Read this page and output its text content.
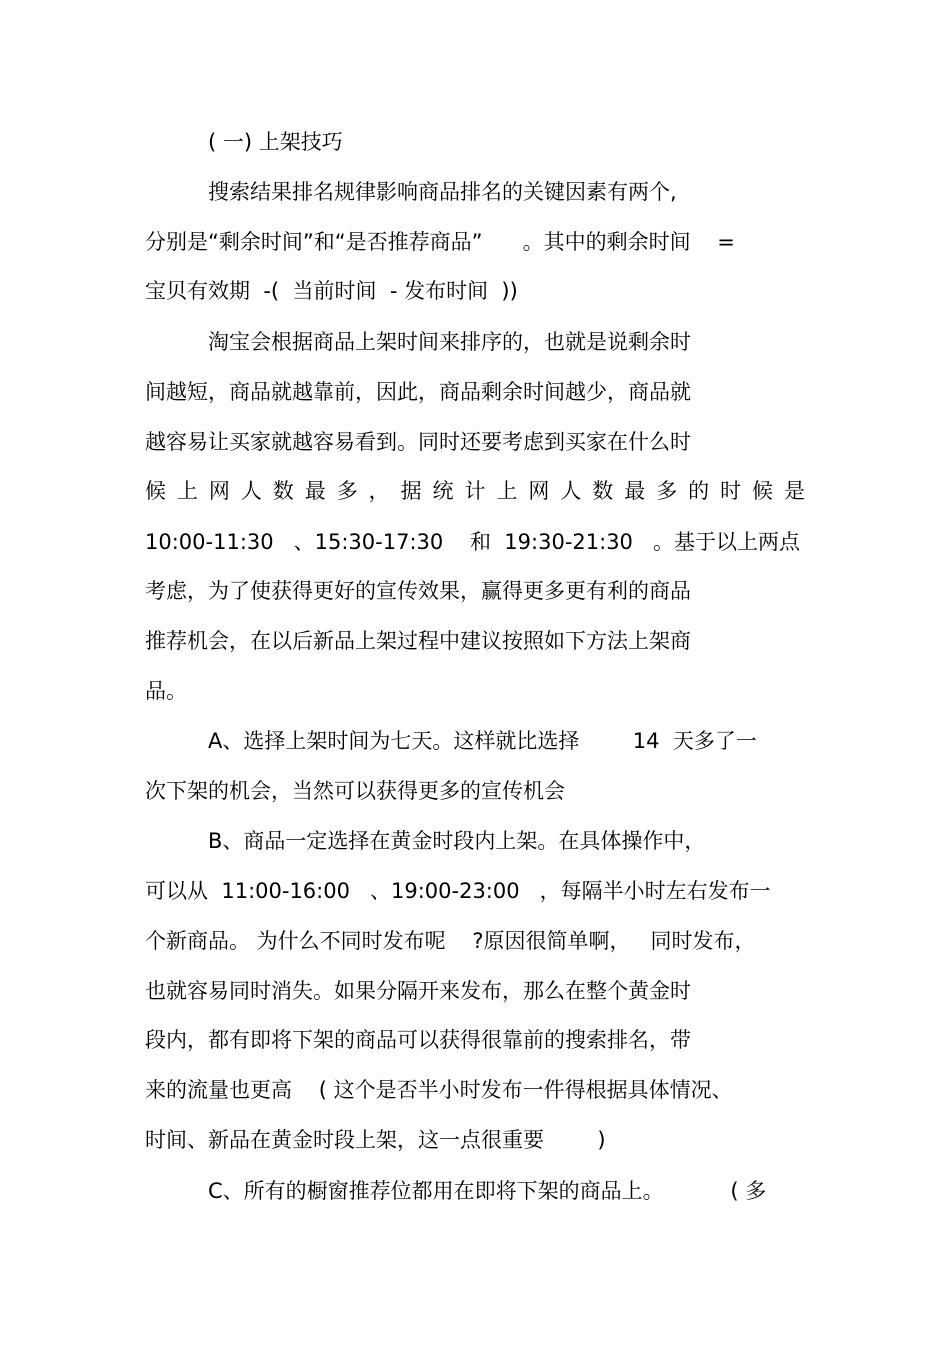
( 一) 上架技巧
搜索结果排名规律影响商品排名的关键因素有两个,
分别是“剩余时间”和“是否推荐商品”      。其中的剩余时间    =
宝贝有效期  -(  当前时间  - 发布时间  ))
淘宝会根据商品上架时间来排序的，也就是说剩余时
间越短，商品就越靠前，因此，商品剩余时间越少，商品就
越容易让买家就越容易看到。同时还要考虑到买家在什么时
候 上 网 人 数 最 多 ， 据 统 计 上 网 人 数 最 多 的 时 候 是
10:00-11:30   、15:30-17:30    和  19:30-21:30   。基于以上两点
考虑，为了使获得更好的宣传效果，赢得更多更有利的商品
推荐机会，在以后新品上架过程中建议按照如下方法上架商
品。
A、选择上架时间为七天。这样就比选择        14  天多了一
次下架的机会，当然可以获得更多的宣传机会
B、商品一定选择在黄金时段内上架。在具体操作中，
可以从  11:00-16:00   、19:00-23:00   ，每隔半小时左右发布一
个新商品。 为什么不同时发布呢    ?原因很简单啊，   同时发布，
也就容易同时消失。如果分隔开来发布，那么在整个黄金时
段内，都有即将下架的商品可以获得很靠前的搜索排名，带
来的流量也更高    ( 这个是否半小时发布一件得根据具体情况、
时间、新品在黄金时段上架，这一点很重要        )
C、所有的橱窗推荐位都用在即将下架的商品上。          ( 多
